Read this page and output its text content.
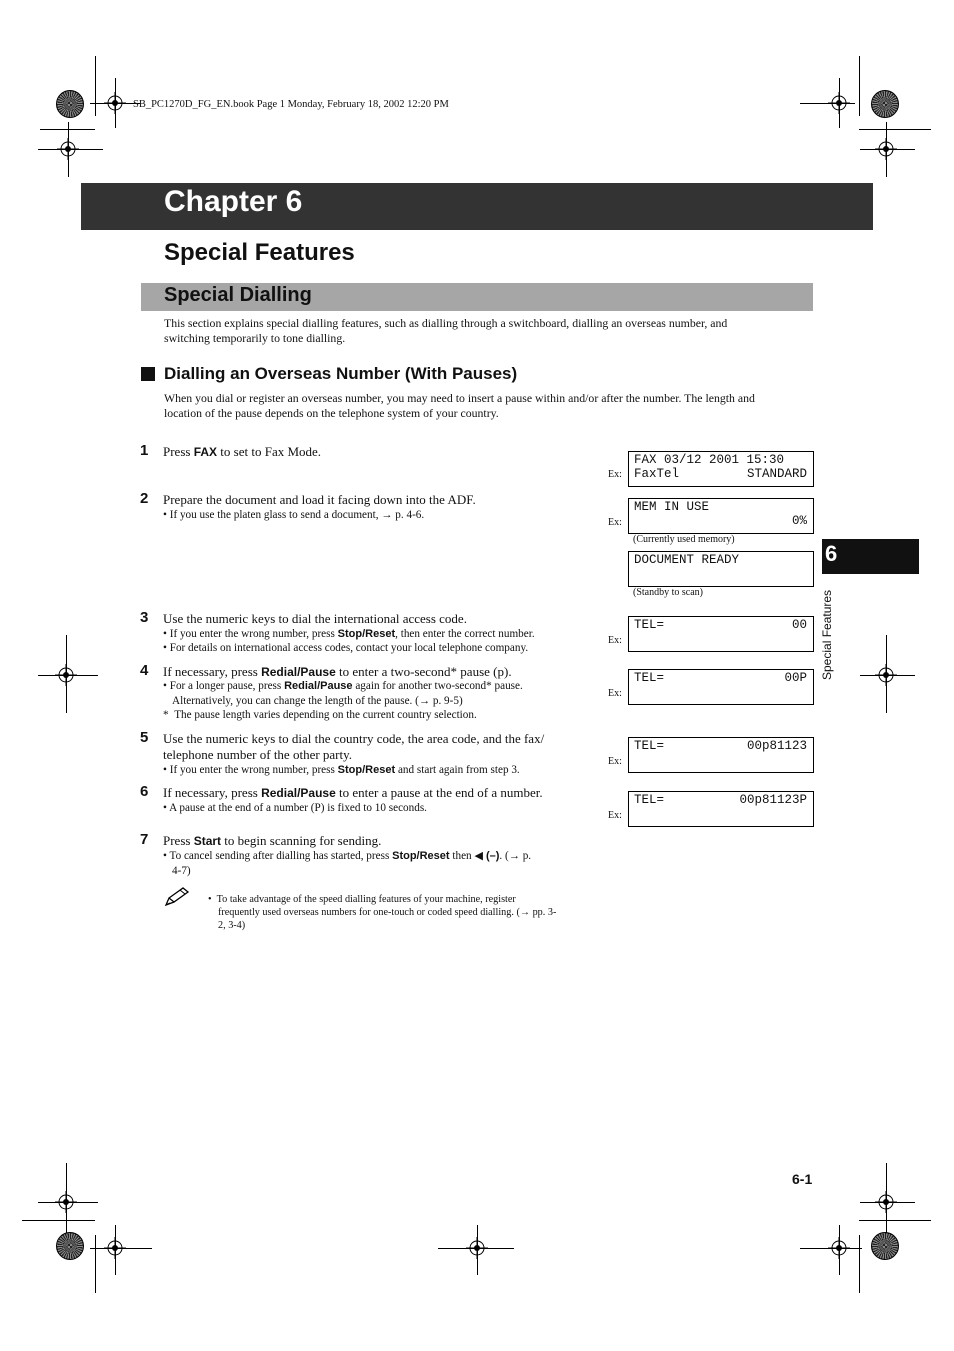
SB_PC1270D_FG_EN.book Page 1 Monday, February 18, 2002 12:20 PM
Chapter 6
Special Features
Special Dialling
This section explains special dialling features, such as dialling through a switchboard, dialling an overseas number, and
switching temporarily to tone dialling.
Dialling an Overseas Number (With Pauses)
When you dial or register an overseas number, you may need to insert a pause within and/or after the number. The length and
location of the pause depends on the telephone system of your country.
1 Press FAX to set to Fax Mode.
2 Prepare the document and load it facing down into the ADF.
• If you use the platen glass to send a document, → p. 4-6.
3 Use the numeric keys to dial the international access code.
• If you enter the wrong number, press Stop/Reset, then enter the correct number.
• For details on international access codes, contact your local telephone company.
4 If necessary, press Redial/Pause to enter a two-second* pause (p).
• For a longer pause, press Redial/Pause again for another two-second* pause.
Alternatively, you can change the length of the pause. (→ p. 9-5)
* The pause length varies depending on the current country selection.
5 Use the numeric keys to dial the country code, the area code, and the fax/
telephone number of the other party.
• If you enter the wrong number, press Stop/Reset and start again from step 3.
6 If necessary, press Redial/Pause to enter a pause at the end of a number.
• A pause at the end of a number (P) is fixed to 10 seconds.
7 Press Start to begin scanning for sending.
• To cancel sending after dialling has started, press Stop/Reset then ◀ (–). (→ p.
4-7)
•  To take advantage of the speed dialling features of your machine, register
frequently used overseas numbers for one-touch or coded speed dialling. (→ pp. 3-
2, 3-4)
Ex:
FAX 03/12 2001 15:30
FaxTel	STANDARD
Ex:
MEM IN USE
0%
(Currently used memory)
DOCUMENT READY
(Standby to scan)
Ex:
TEL=	00
Ex:
TEL=	00P
Ex:
TEL=	00p81123
Ex:
TEL=	00p81123P
6
Special Features
6-1
